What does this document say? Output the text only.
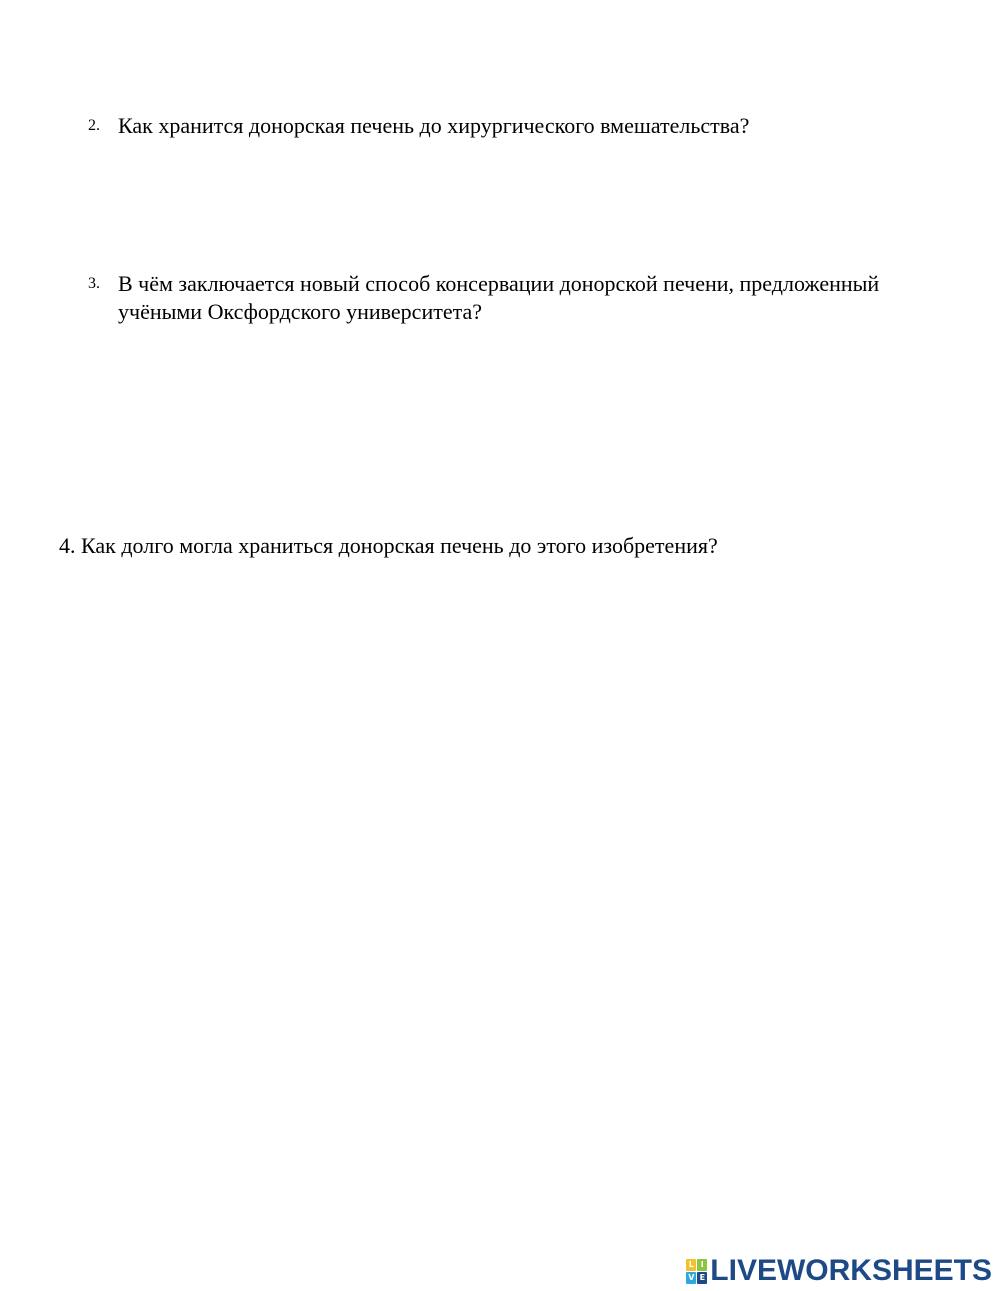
2. Как хранится донорская печень до хирургического вмешательства?
3. В чём заключается новый способ консервации донорской печени, предложенный
учёными Оксфордского университета?
4. Как долго могла храниться донорская печень до этого изобретения?
L I
V E LIVEWORKSHEETS
